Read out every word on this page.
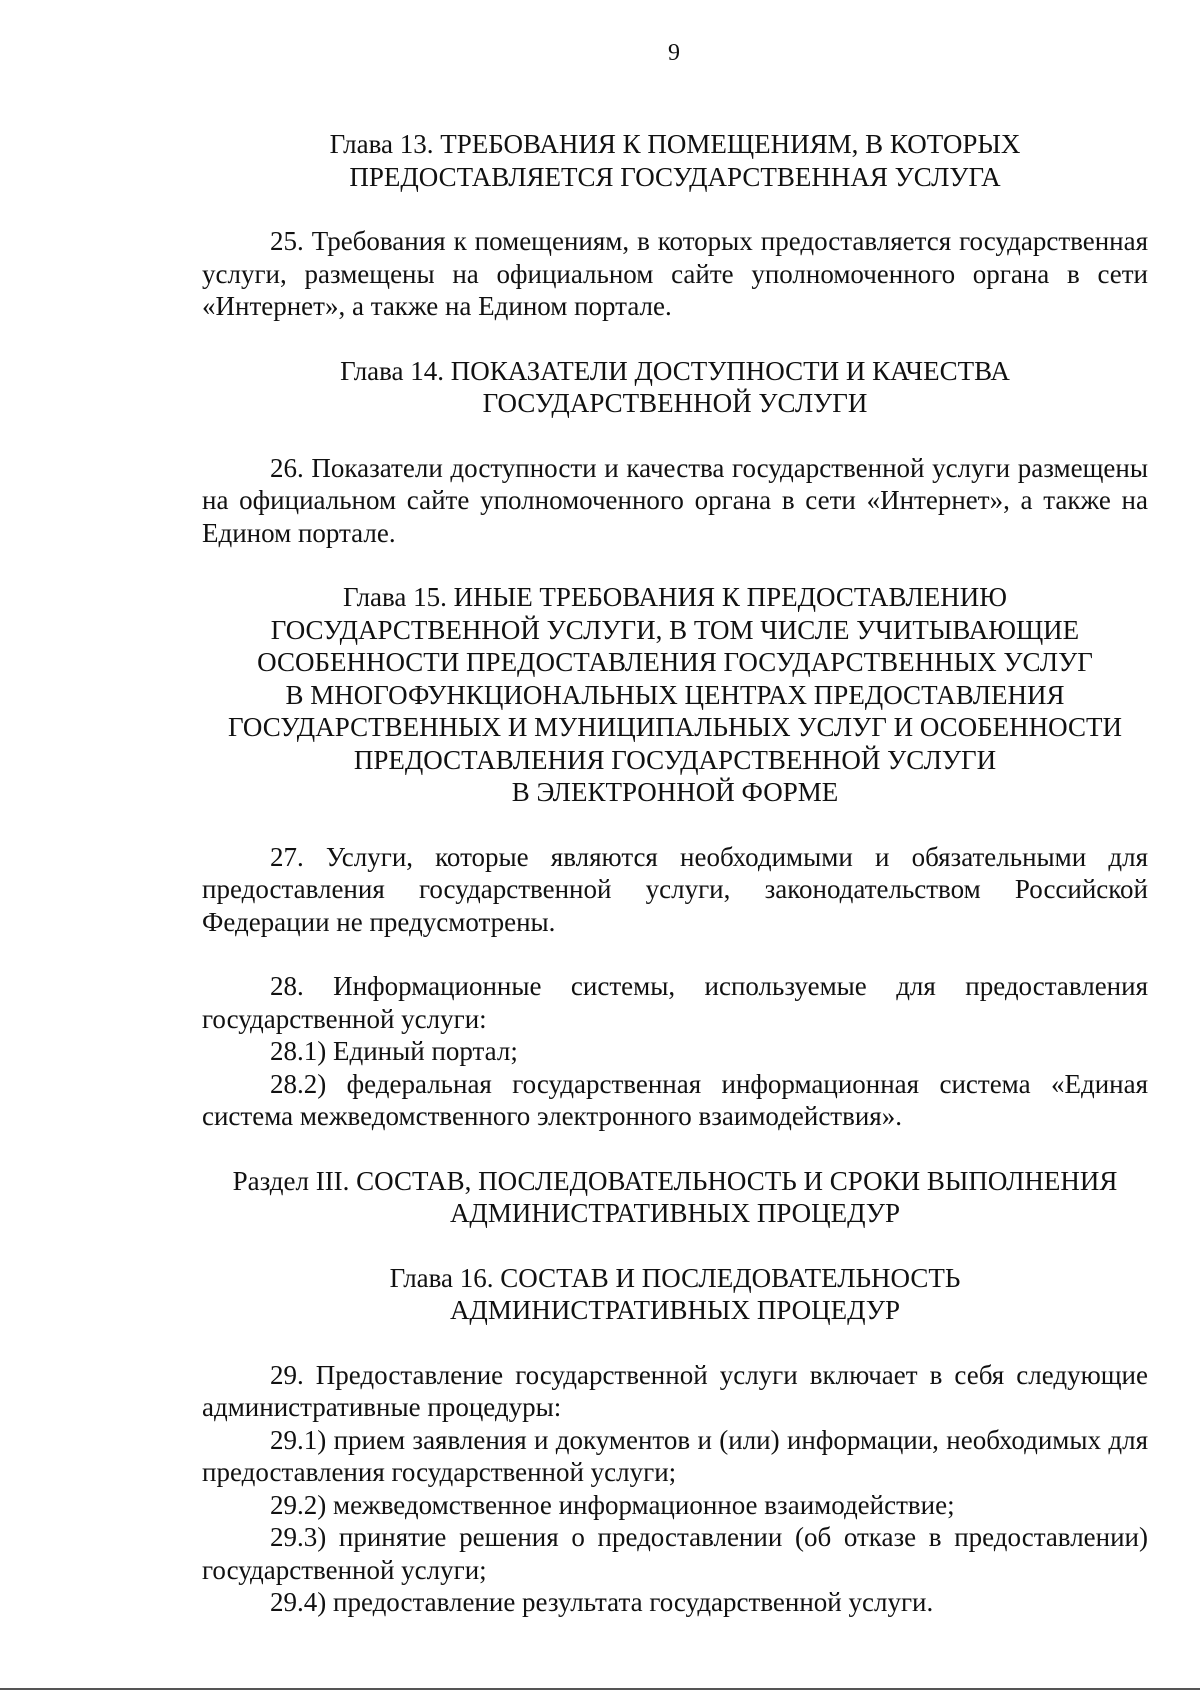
9
Глава 13. ТРЕБОВАНИЯ К ПОМЕЩЕНИЯМ, В КОТОРЫХ
ПРЕДОСТАВЛЯЕТСЯ ГОСУДАРСТВЕННАЯ УСЛУГА

25. Требования к помещениям, в которых предоставляется государственная услуги, размещены на официальном сайте уполномоченного органа в сети «Интернет», а также на Едином портале.

Глава 14. ПОКАЗАТЕЛИ ДОСТУПНОСТИ И КАЧЕСТВА
ГОСУДАРСТВЕННОЙ УСЛУГИ

26. Показатели доступности и качества государственной услуги размещены на официальном сайте уполномоченного органа в сети «Интернет», а также на Едином портале.

Глава 15. ИНЫЕ ТРЕБОВАНИЯ К ПРЕДОСТАВЛЕНИЮ
ГОСУДАРСТВЕННОЙ УСЛУГИ, В ТОМ ЧИСЛЕ УЧИТЫВАЮЩИЕ
ОСОБЕННОСТИ ПРЕДОСТАВЛЕНИЯ ГОСУДАРСТВЕННЫХ УСЛУГ
В МНОГОФУНКЦИОНАЛЬНЫХ ЦЕНТРАХ ПРЕДОСТАВЛЕНИЯ
ГОСУДАРСТВЕННЫХ И МУНИЦИПАЛЬНЫХ УСЛУГ И ОСОБЕННОСТИ
ПРЕДОСТАВЛЕНИЯ ГОСУДАРСТВЕННОЙ УСЛУГИ
В ЭЛЕКТРОННОЙ ФОРМЕ

27. Услуги, которые являются необходимыми и обязательными для предоставления государственной услуги, законодательством Российской Федерации не предусмотрены.

28. Информационные системы, используемые для предоставления государственной услуги:

28.1) Единый портал;

28.2) федеральная государственная информационная система «Единая система межведомственного электронного взаимодействия».

Раздел III. СОСТАВ, ПОСЛЕДОВАТЕЛЬНОСТЬ И СРОКИ ВЫПОЛНЕНИЯ
АДМИНИСТРАТИВНЫХ ПРОЦЕДУР
Глава 16. СОСТАВ И ПОСЛЕДОВАТЕЛЬНОСТЬ
АДМИНИСТРАТИВНЫХ ПРОЦЕДУР

29. Предоставление государственной услуги включает в себя следующие административные процедуры:

29.1) прием заявления и документов и (или) информации, необходимых для предоставления государственной услуги;

29.2) межведомственное информационное взаимодействие;

29.3) принятие решения о предоставлении (об отказе в предоставлении) государственной услуги;

29.4) предоставление результата государственной услуги.
